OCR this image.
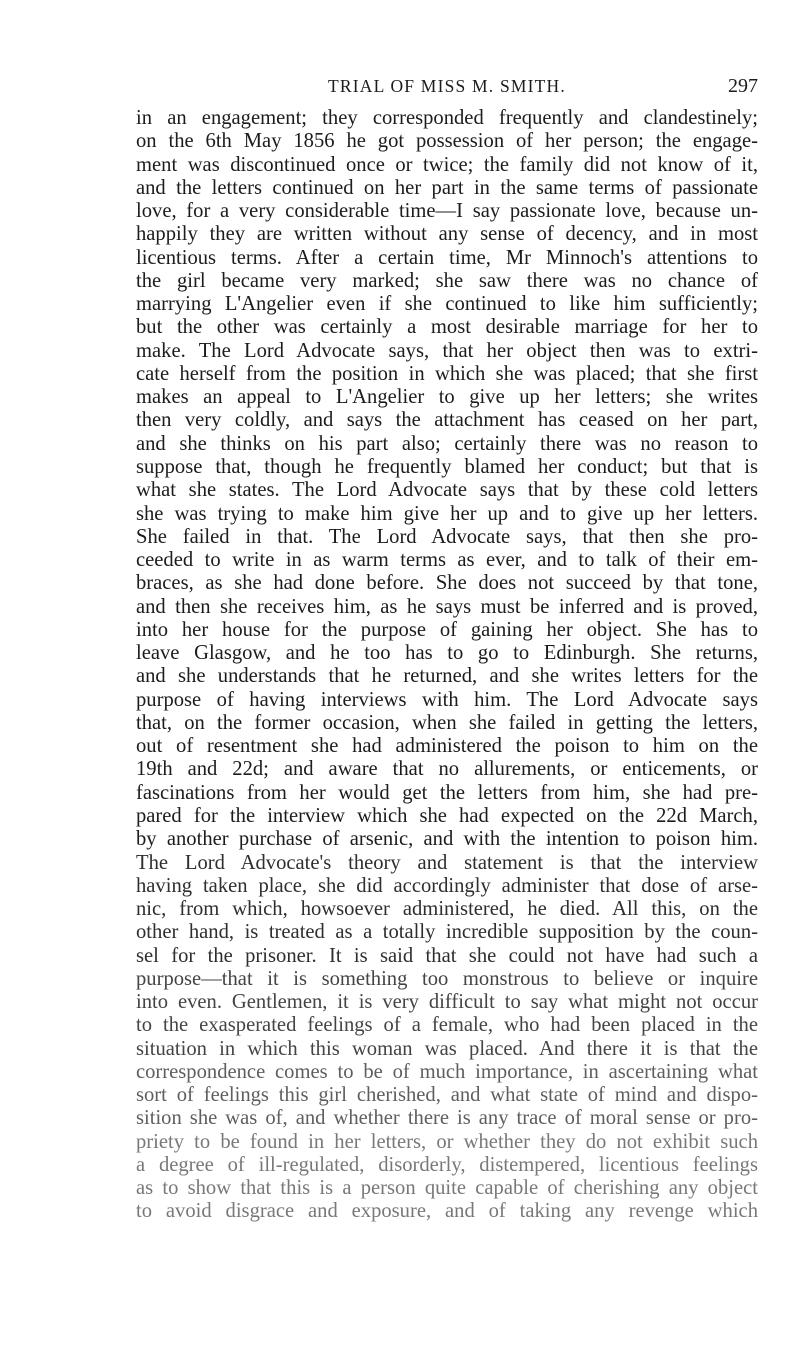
TRIAL OF MISS M. SMITH.	297
in an engagement; they corresponded frequently and clandestinely;
on the 6th May 1856 he got possession of her person; the engage-
ment was discontinued once or twice; the family did not know of it,
and the letters continued on her part in the same terms of passionate
love, for a very considerable time—I say passionate love, because un-
happily they are written without any sense of decency, and in most
licentious terms. After a certain time, Mr Minnoch's attentions to
the girl became very marked; she saw there was no chance of
marrying L'Angelier even if she continued to like him sufficiently;
but the other was certainly a most desirable marriage for her to
make. The Lord Advocate says, that her object then was to extri-
cate herself from the position in which she was placed; that she first
makes an appeal to L'Angelier to give up her letters; she writes
then very coldly, and says the attachment has ceased on her part,
and she thinks on his part also; certainly there was no reason to
suppose that, though he frequently blamed her conduct; but that is
what she states. The Lord Advocate says that by these cold letters
she was trying to make him give her up and to give up her letters.
She failed in that. The Lord Advocate says, that then she pro-
ceeded to write in as warm terms as ever, and to talk of their em-
braces, as she had done before. She does not succeed by that tone,
and then she receives him, as he says must be inferred and is proved,
into her house for the purpose of gaining her object. She has to
leave Glasgow, and he too has to go to Edinburgh. She returns,
and she understands that he returned, and she writes letters for the
purpose of having interviews with him. The Lord Advocate says
that, on the former occasion, when she failed in getting the letters,
out of resentment she had administered the poison to him on the
19th and 22d; and aware that no allurements, or enticements, or
fascinations from her would get the letters from him, she had pre-
pared for the interview which she had expected on the 22d March,
by another purchase of arsenic, and with the intention to poison him.
The Lord Advocate's theory and statement is that the interview
having taken place, she did accordingly administer that dose of arse-
nic, from which, howsoever administered, he died. All this, on the
other hand, is treated as a totally incredible supposition by the coun-
sel for the prisoner. It is said that she could not have had such a
purpose—that it is something too monstrous to believe or inquire
into even. Gentlemen, it is very difficult to say what might not occur
to the exasperated feelings of a female, who had been placed in the
situation in which this woman was placed. And there it is that the
correspondence comes to be of much importance, in ascertaining what
sort of feelings this girl cherished, and what state of mind and dispo-
sition she was of, and whether there is any trace of moral sense or pro-
priety to be found in her letters, or whether they do not exhibit such
a degree of ill-regulated, disorderly, distempered, licentious feelings
as to show that this is a person quite capable of cherishing any object
to avoid disgrace and exposure, and of taking any revenge which
